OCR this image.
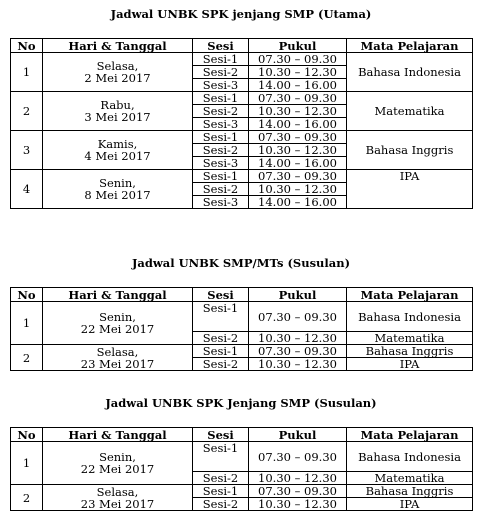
Jadwal UNBK SPK jenjang SMP (Utama)
No	Hari & Tanggal	Sesi	Pukul	Mata Pelajaran
1	Selasa,
2 Mei 2017	Sesi-1	07.30 – 09.30	Bahasa Indonesia
		Sesi-2	10.30 – 12.30	
		Sesi-3	14.00 – 16.00	
2	Rabu,
3 Mei 2017	Sesi-1	07.30 – 09.30	Matematika
		Sesi-2	10.30 – 12.30	
		Sesi-3	14.00 – 16.00	
3	Kamis,
4 Mei 2017	Sesi-1	07.30 – 09.30	Bahasa Inggris
		Sesi-2	10.30 – 12.30	
		Sesi-3	14.00 – 16.00	
4	Senin,
8 Mei 2017	Sesi-1	07.30 – 09.30	IPA
		Sesi-2	10.30 – 12.30	
		Sesi-3	14.00 – 16.00	
Jadwal UNBK SMP/MTs (Susulan)
No	Hari & Tanggal	Sesi	Pukul	Mata Pelajaran
1	Senin,
22 Mei 2017	Sesi-1	07.30 – 09.30	Bahasa Indonesia
		Sesi-2	10.30 – 12.30	Matematika
2	Selasa,
23 Mei 2017	Sesi-1	07.30 – 09.30	Bahasa Inggris
		Sesi-2	10.30 – 12.30	IPA
Jadwal UNBK SPK Jenjang SMP (Susulan)
No	Hari & Tanggal	Sesi	Pukul	Mata Pelajaran
1	Senin,
22 Mei 2017	Sesi-1	07.30 – 09.30	Bahasa Indonesia
		Sesi-2	10.30 – 12.30	Matematika
2	Selasa,
23 Mei 2017	Sesi-1	07.30 – 09.30	Bahasa Inggris
		Sesi-2	10.30 – 12.30	IPA
